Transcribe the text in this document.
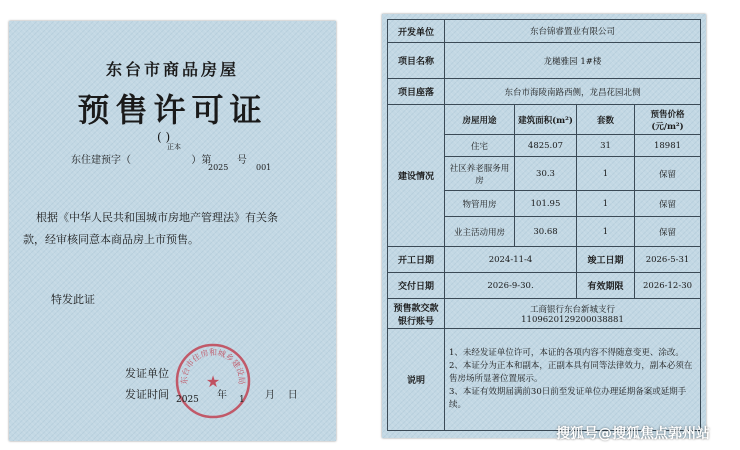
东台市商品房屋
预售许可证
( )
正本
东住建预字（	）第	号
2025	001
根据《中华人民共和国城市房地产管理法》有关条
款，经审核同意本商品房上市预售。
特发此证
东台市住房和城乡建设局
★
发证单位
发证时间 2025 年 1 月 日
开发单位	东台锦睿置业有限公司			
项目名称	龙樾雅园 1#楼			
项目座落	东台市海陵南路西侧，龙昌花园北侧			
建设情况	房屋用途	建筑面积(m²)	套数	预售价格(元/m²)
	住宅	4825.07	31	18981
	社区养老服务用房	30.3	1	保留
	物管用房	101.95	1	保留
	业主活动用房	30.68	1	保留
开工日期	2024-11-4		竣工日期	2026-5-31
交付日期	2026-9-30.		有效期限	2026-12-30
预售款交款银行账号	工商银行东台新城支行
1109620129200038881			

说明	1、未经发证单位许可，本证的各项内容不得随意变更、涂改。
2、本证分为正本和副本，正副本具有同等法律效力，副本必须在售房场所显著位置展示。
3、本证有效期届满前30日前至发证单位办理延期备案或延期手续。			
搜狐号@搜狐焦点郭州站
